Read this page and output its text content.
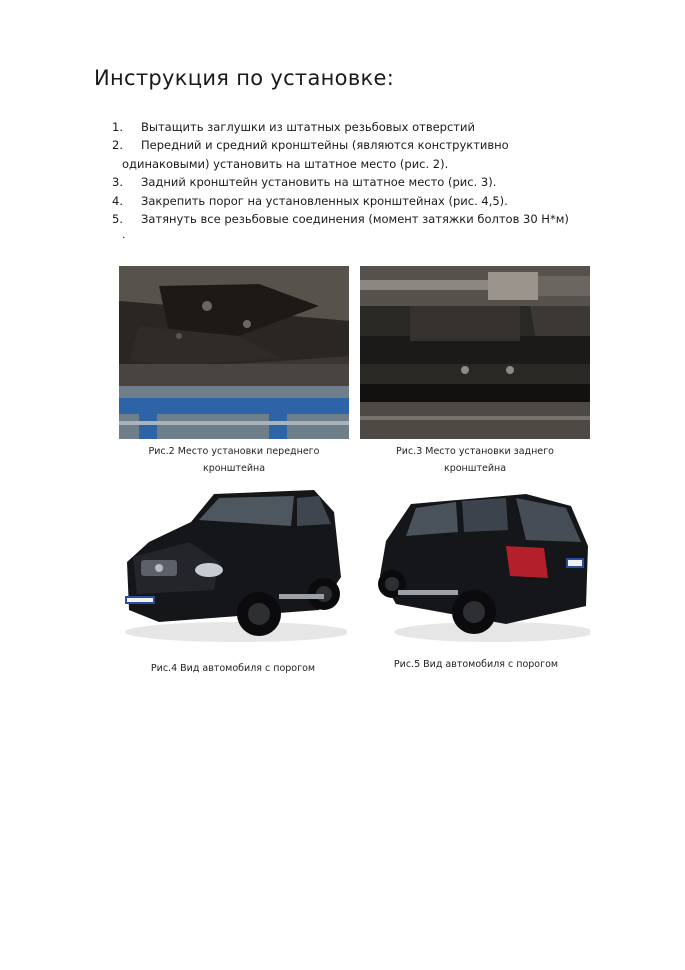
Инструкция по установке:
1. Вытащить заглушки из штатных резьбовых отверстий
2. Передний и средний кронштейны (являются конструктивно
одинаковыми) установить на штатное место (рис. 2).
3. Задний кронштейн установить на штатное место (рис. 3).
4. Закрепить порог на установленных кронштейнах (рис. 4,5).
5. Затянуть все резьбовые соединения (момент затяжки болтов 30 Н*м)
.
Рис.2 Место установки переднего
кронштейна
Рис.3 Место установки заднего
кронштейна
Рис.4 Вид автомобиля с порогом	Рис.5 Вид автомобиля с порогом
